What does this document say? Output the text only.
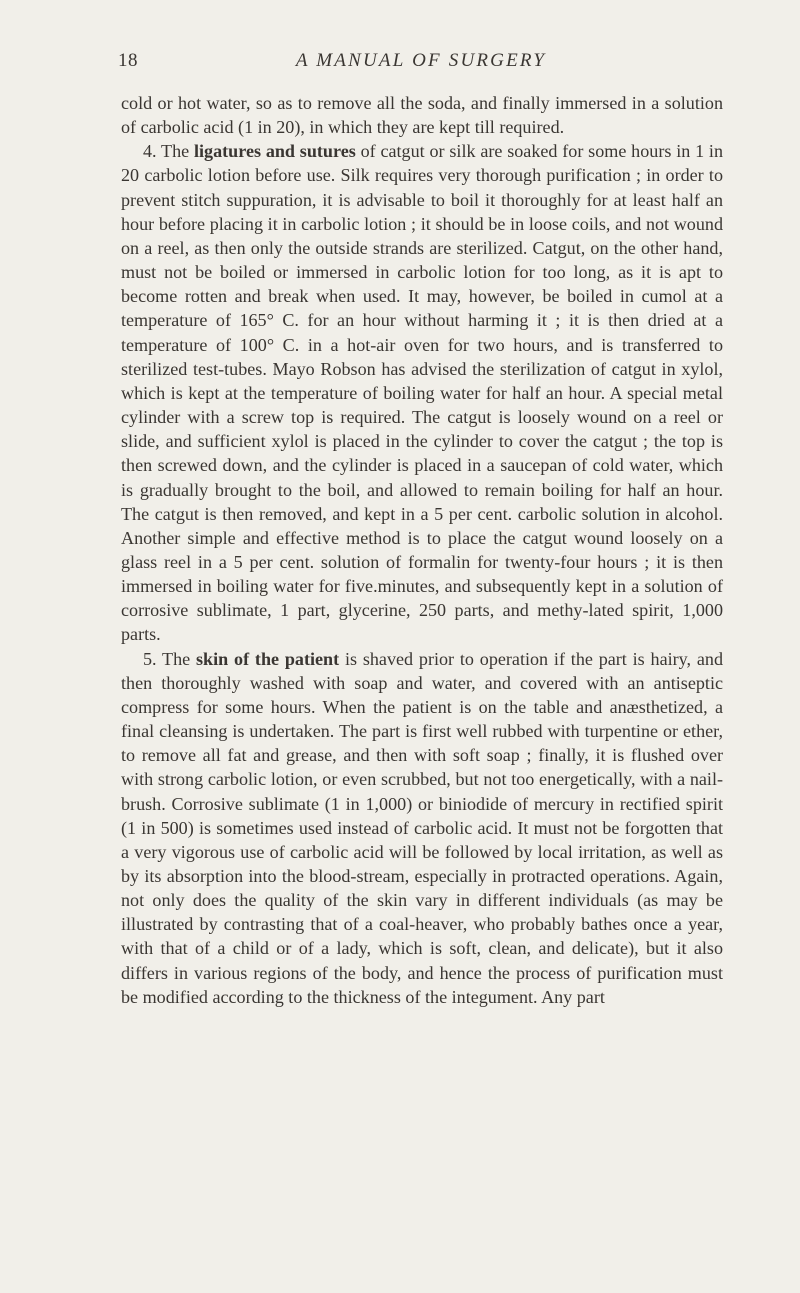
18	A MANUAL OF SURGERY

cold or hot water, so as to remove all the soda, and finally immersed in a solution of carbolic acid (1 in 20), in which they are kept till required.

4. The ligatures and sutures of catgut or silk are soaked for some hours in 1 in 20 carbolic lotion before use. Silk requires very thorough purification ; in order to prevent stitch suppuration, it is advisable to boil it thoroughly for at least half an hour before placing it in carbolic lotion ; it should be in loose coils, and not wound on a reel, as then only the outside strands are sterilized. Catgut, on the other hand, must not be boiled or immersed in carbolic lotion for too long, as it is apt to become rotten and break when used. It may, however, be boiled in cumol at a temperature of 165° C. for an hour without harming it ; it is then dried at a temperature of 100° C. in a hot-air oven for two hours, and is transferred to sterilized test-tubes. Mayo Robson has advised the sterilization of catgut in xylol, which is kept at the temperature of boiling water for half an hour. A special metal cylinder with a screw top is required. The catgut is loosely wound on a reel or slide, and sufficient xylol is placed in the cylinder to cover the catgut ; the top is then screwed down, and the cylinder is placed in a saucepan of cold water, which is gradually brought to the boil, and allowed to remain boiling for half an hour. The catgut is then removed, and kept in a 5 per cent. carbolic solution in alcohol. Another simple and effective method is to place the catgut wound loosely on a glass reel in a 5 per cent. solution of formalin for twenty-four hours ; it is then immersed in boiling water for five.minutes, and subsequently kept in a solution of corrosive sublimate, 1 part, glycerine, 250 parts, and methy-lated spirit, 1,000 parts.

5. The skin of the patient is shaved prior to operation if the part is hairy, and then thoroughly washed with soap and water, and covered with an antiseptic compress for some hours. When the patient is on the table and anæsthetized, a final cleansing is undertaken. The part is first well rubbed with turpentine or ether, to remove all fat and grease, and then with soft soap ; finally, it is flushed over with strong carbolic lotion, or even scrubbed, but not too energetically, with a nail-brush. Corrosive sublimate (1 in 1,000) or biniodide of mercury in rectified spirit (1 in 500) is sometimes used instead of carbolic acid. It must not be forgotten that a very vigorous use of carbolic acid will be followed by local irritation, as well as by its absorption into the blood-stream, especially in protracted operations. Again, not only does the quality of the skin vary in different individuals (as may be illustrated by contrasting that of a coal-heaver, who probably bathes once a year, with that of a child or of a lady, which is soft, clean, and delicate), but it also differs in various regions of the body, and hence the process of purification must be modified according to the thickness of the integument. Any part
